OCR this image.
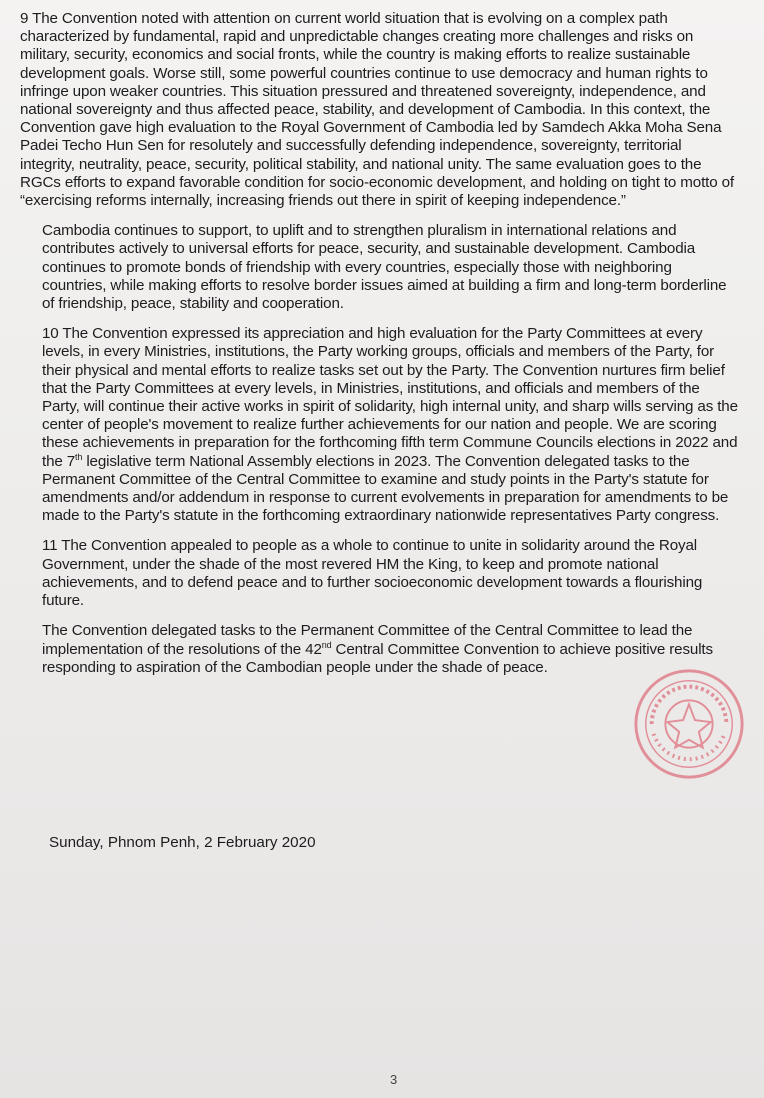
9 The Convention noted with attention on current world situation that is evolving on a complex path characterized by fundamental, rapid and unpredictable changes creating more challenges and risks on military, security, economics and social fronts, while the country is making efforts to realize sustainable development goals. Worse still, some powerful countries continue to use democracy and human rights to infringe upon weaker countries. This situation pressured and threatened sovereignty, independence, and national sovereignty and thus affected peace, stability, and development of Cambodia. In this context, the Convention gave high evaluation to the Royal Government of Cambodia led by Samdech Akka Moha Sena Padei Techo Hun Sen for resolutely and successfully defending independence, sovereignty, territorial integrity, neutrality, peace, security, political stability, and national unity. The same evaluation goes to the RGCs efforts to expand favorable condition for socio-economic development, and holding on tight to motto of “exercising reforms internally, increasing friends out there in spirit of keeping independence.”

Cambodia continues to support, to uplift and to strengthen pluralism in international relations and contributes actively to universal efforts for peace, security, and sustainable development. Cambodia continues to promote bonds of friendship with every countries, especially those with neighboring countries, while making efforts to resolve border issues aimed at building a firm and long-term borderline of friendship, peace, stability and cooperation.

10 The Convention expressed its appreciation and high evaluation for the Party Committees at every levels, in every Ministries, institutions, the Party working groups, officials and members of the Party, for their physical and mental efforts to realize tasks set out by the Party. The Convention nurtures firm belief that the Party Committees at every levels, in Ministries, institutions, and officials and members of the Party, will continue their active works in spirit of solidarity, high internal unity, and sharp wills serving as the center of people's movement to realize further achievements for our nation and people. We are scoring these achievements in preparation for the forthcoming fifth term Commune Councils elections in 2022 and the 7th legislative term National Assembly elections in 2023. The Convention delegated tasks to the Permanent Committee of the Central Committee to examine and study points in the Party's statute for amendments and/or addendum in response to current evolvements in preparation for amendments to be made to the Party's statute in the forthcoming extraordinary nationwide representatives Party congress.

11 The Convention appealed to people as a whole to continue to unite in solidarity around the Royal Government, under the shade of the most revered HM the King, to keep and promote national achievements, and to defend peace and to further socioeconomic development towards a flourishing future.

The Convention delegated tasks to the Permanent Committee of the Central Committee to lead the implementation of the resolutions of the 42nd Central Committee Convention to achieve positive results responding to aspiration of the Cambodian people under the shade of peace.

Sunday, Phnom Penh, 2 February 2020
3
